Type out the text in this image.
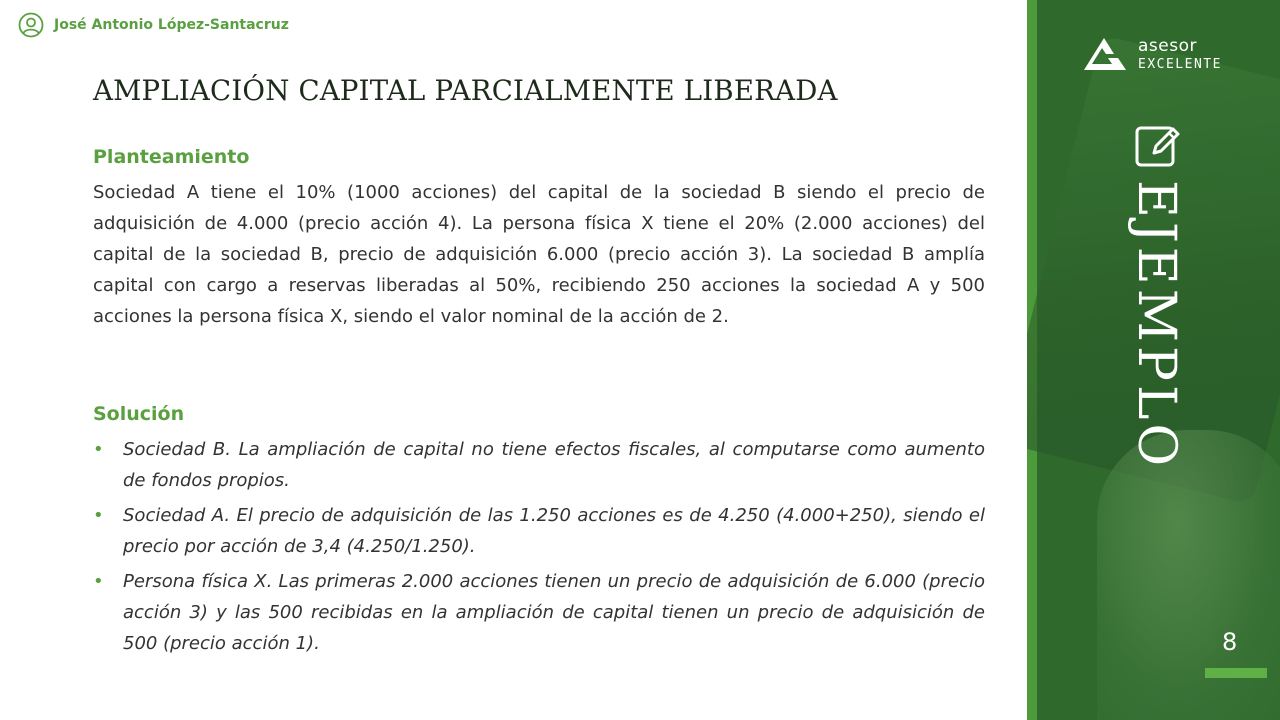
José Antonio López-Santacruz
AMPLIACIÓN CAPITAL PARCIALMENTE LIBERADA
Planteamiento

Sociedad A tiene el 10% (1000 acciones) del capital de la sociedad B siendo el precio de adquisición de 4.000 (precio acción 4). La persona física X tiene el 20% (2.000 acciones) del capital de la sociedad B, precio de adquisición 6.000 (precio acción 3). La sociedad B amplía capital con cargo a reservas liberadas al 50%, recibiendo 250 acciones la sociedad A y 500 acciones la persona física X, siendo el valor nominal de la acción de 2.

Solución
• Sociedad B. La ampliación de capital no tiene efectos fiscales, al computarse como aumento de fondos propios.
• Sociedad A. El precio de adquisición de las 1.250 acciones es de 4.250 (4.000+250), siendo el precio por acción de 3,4 (4.250/1.250).
• Persona física X. Las primeras 2.000 acciones tienen un precio de adquisición de 6.000 (precio acción 3) y las 500 recibidas en la ampliación de capital tienen un precio de adquisición de 500 (precio acción 1).
asesor
EXCELENTE
EJEMPLO
8
